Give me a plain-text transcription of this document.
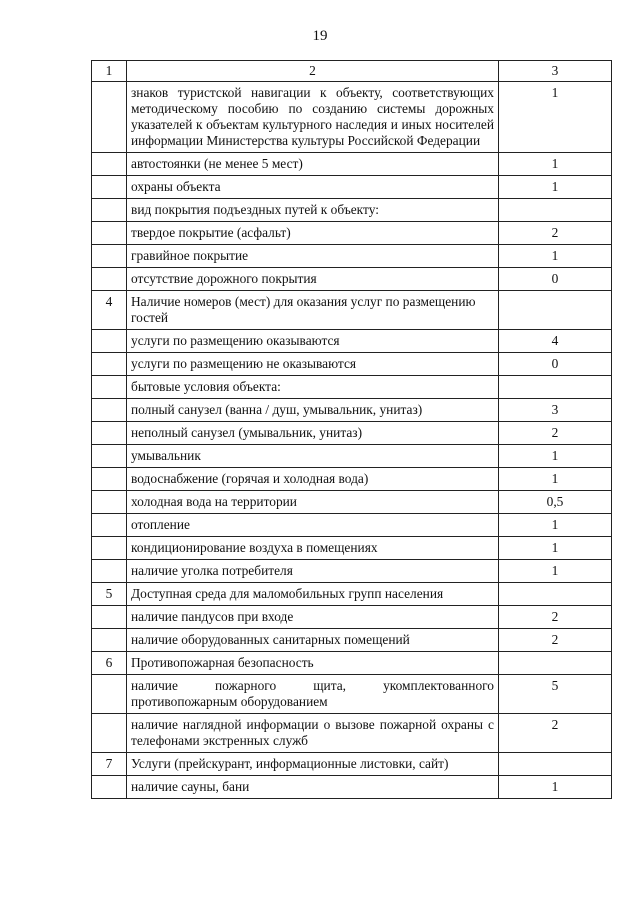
19
1	2	3
	знаков туристской навигации к объекту, соответствующих методическому пособию по созданию системы дорожных указателей к объектам культурного наследия и иных носителей информации Министерства культуры Российской Федерации	1
	автостоянки (не менее 5 мест)	1
	охраны объекта	1
	вид покрытия подъездных путей к объекту:	
	твердое покрытие (асфальт)	2
	гравийное покрытие	1
	отсутствие дорожного покрытия	0
4	Наличие номеров (мест) для оказания услуг по размещению гостей	
	услуги по размещению оказываются	4
	услуги по размещению не оказываются	0
	бытовые условия объекта:	
	полный санузел (ванна / душ, умывальник, унитаз)	3
	неполный санузел (умывальник, унитаз)	2
	умывальник	1
	водоснабжение (горячая и холодная вода)	1
	холодная вода на территории	0,5
	отопление	1
	кондиционирование воздуха в помещениях	1
	наличие уголка потребителя	1
5	Доступная среда для маломобильных групп населения	
	наличие пандусов при входе	2
	наличие оборудованных санитарных помещений	2
6	Противопожарная безопасность	
	наличие пожарного щита, укомплектованного противопожарным оборудованием	5
	наличие наглядной информации о вызове пожарной охраны с телефонами экстренных служб	2
7	Услуги (прейскурант, информационные листовки, сайт)	
	наличие сауны, бани	1
